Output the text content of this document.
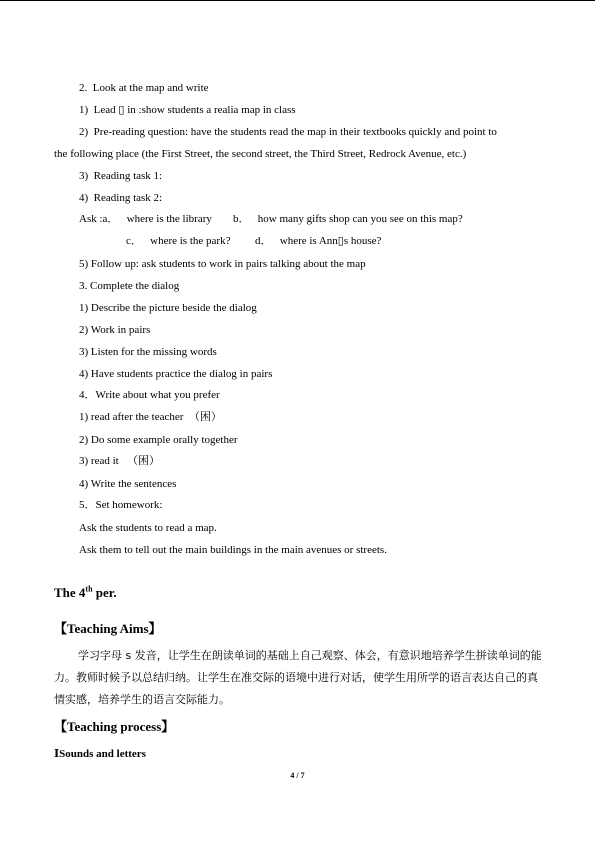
2.  Look at the map and write
1)  Lead ▯ in :show students a realia map in class
2)  Pre-reading question: have the students read the map in their textbooks quickly and point to
the following place (the First Street, the second street, the Third Street, Redrock Avenue, etc.)
3)  Reading task 1:
4)  Reading task 2:
Ask :a．   where is the library b．   how many gifts shop can you see on this map?
c．   where is the park? d．   where is Ann▯s house?
5) Follow up: ask students to work in pairs talking about the map
3. Complete the dialog
1) Describe the picture beside the dialog
2) Work in pairs
3) Listen for the missing words
4) Have students practice the dialog in pairs
4．Write about what you prefer
1) read after the teacher  （困）
2) Do some example orally together
3) read it   （困）
4) Write the sentences
5．Set homework:
Ask the students to read a map.
Ask them to tell out the main buildings in the main avenues or streets.
The 4th per.
【Teaching Aims】
学习字母 s 发音，让学生在朗读单词的基础上自己观察、体会，有意识地培养学生拼读单词的能力。教师时候予以总结归纳。让学生在准交际的语境中进行对话，使学生用所学的语言表达自己的真情实感，培养学生的语言交际能力。
【Teaching process】
ⅠSounds and letters
4 / 7
